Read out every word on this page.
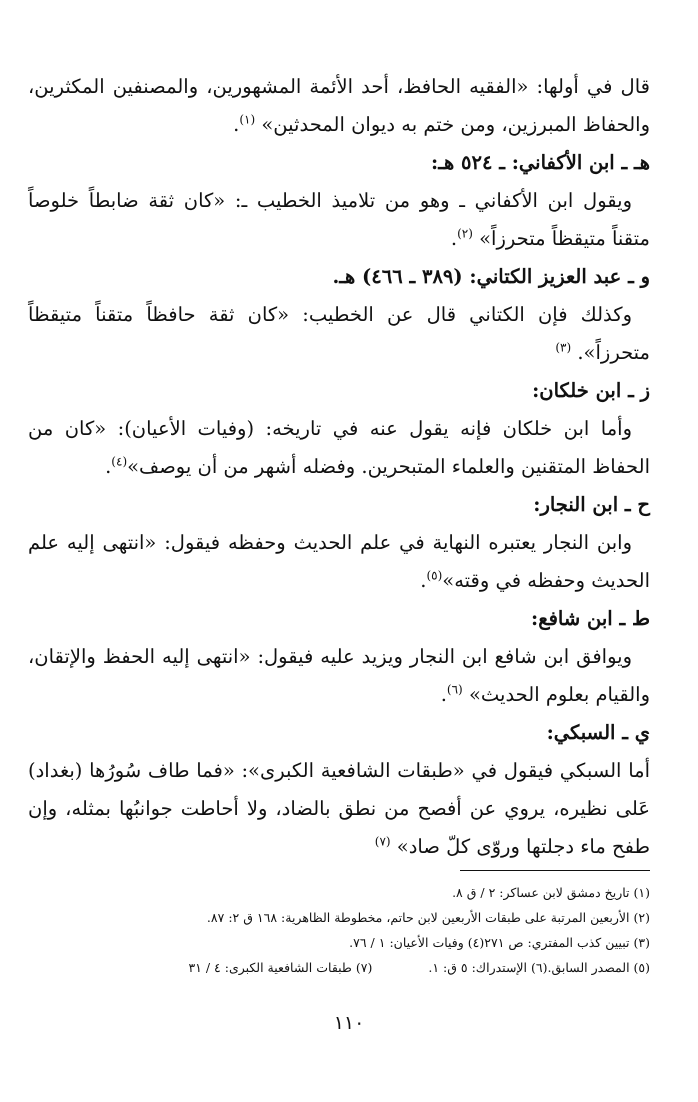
قال في أولها: «الفقيه الحافظ، أحد الأئمة المشهورين، والمصنفين المكثرين، والحفاظ المبرزين، ومن ختم به ديوان المحدثين» $^{(١)}$.

هـ ـ ابن الأكفاني: ـ ٥٢٤ هـ:

ويقول ابن الأكفاني ـ وهو من تلاميذ الخطيب ـ: «كان ثقة ضابطاً خلوصاً متقناً متيقظاً متحرزاً» $^{(٢)}$.

و ـ عبد العزيز الكتاني: (٣٨٩ ـ ٤٦٦) هـ.

وكذلك فإن الكتاني قال عن الخطيب: «كان ثقة حافظاً متقناً متيقظاً متحرزاً». $^{(٣)}$

ز ـ ابن خلكان:

وأما ابن خلكان فإنه يقول عنه في تاريخه: (وفيات الأعيان): «كان من الحفاظ المتقنين والعلماء المتبحرين. وفضله أشهر من أن يوصف»$^{(٤)}$.

ح ـ ابن النجار:

وابن النجار يعتبره النهاية في علم الحديث وحفظه فيقول: «انتهى إليه علم الحديث وحفظه في وقته»$^{(٥)}$.

ط ـ ابن شافع:

ويوافق ابن شافع ابن النجار ويزيد عليه فيقول: «انتهى إليه الحفظ والإتقان، والقيام بعلوم الحديث» $^{(٦)}$.

ي ـ السبكي:

أما السبكي فيقول في «طبقات الشافعية الكبرى»: «فما طاف سُورُها (بغداد) عَلى نظيره، يروي عن أفصح من نطق بالضاد، ولا أحاطت جوانبُها بمثله، وإن طفح ماء دجلتها وروّى كلّ صاد» $^{(٧)}$

(١) تاريخ دمشق لابن عساكر: ٢ / ق ٨.
(٢) الأربعين المرتبة على طبقات الأربعين لابن حاتم، مخطوطة الظاهرية: ١٦٨ ق ٢: ٨٧.
(٣) تبيين كذب المفتري: ص ٢٧١
(٤) وفيات الأعيان: ١ / ٧٦.
(٥) المصدر السابق.
(٦) الإستدراك: ٥ ق: ١.
(٧) طبقات الشافعية الكبرى: ٤ / ٣١
١١٠
